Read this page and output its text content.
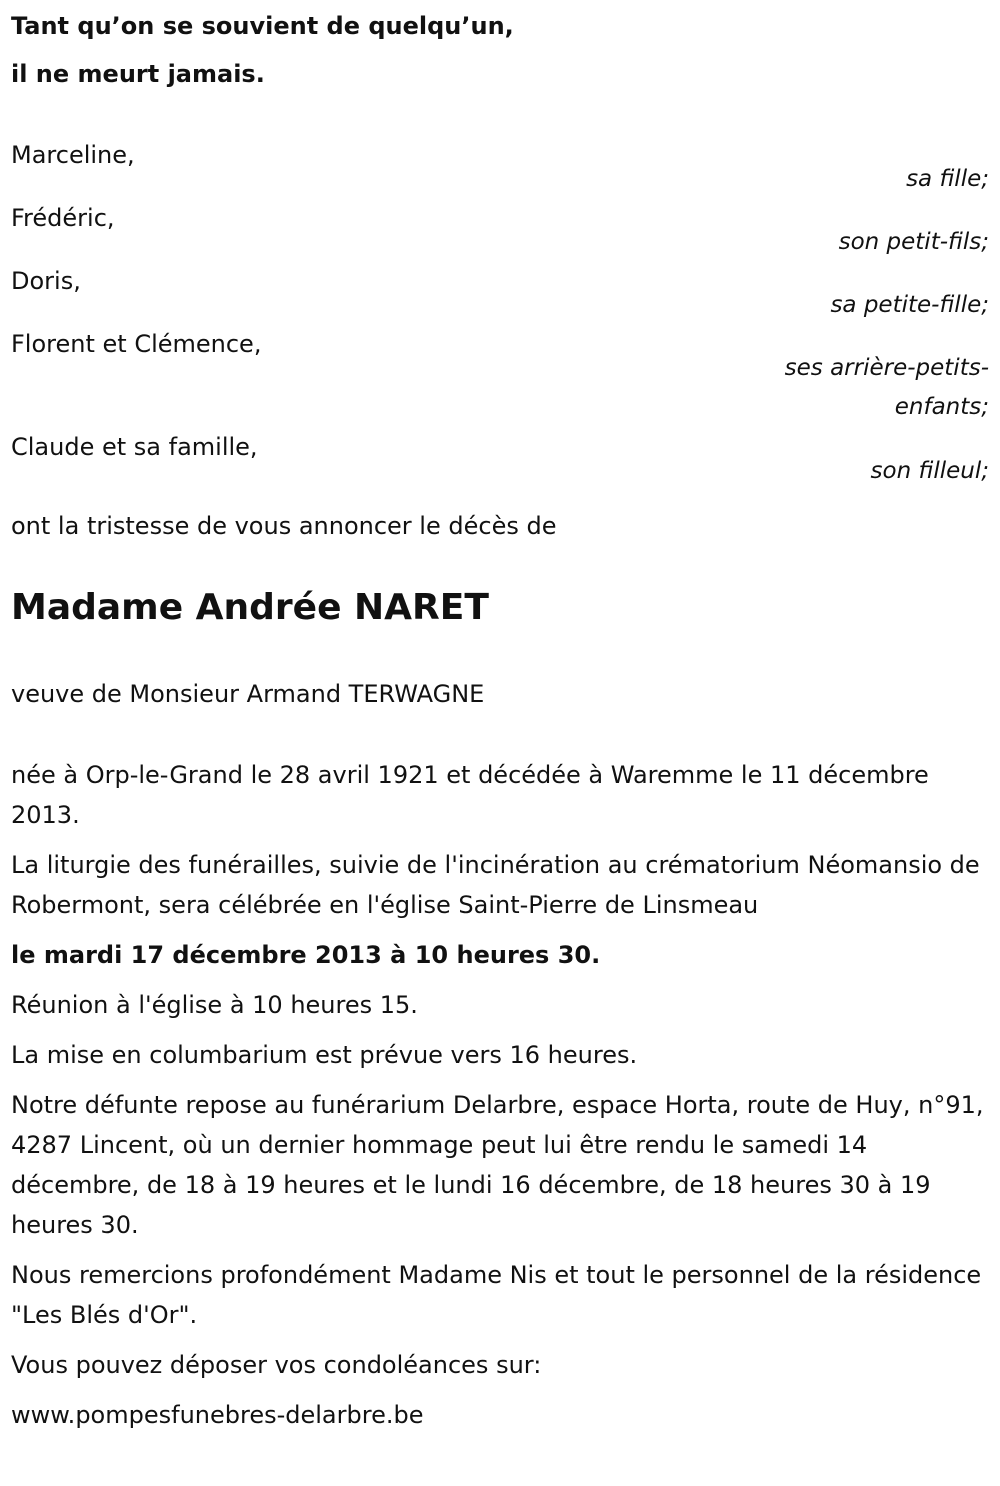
Tant qu’on se souvient de quelqu’un,
il ne meurt jamais.

Marceline,
sa fille;
Frédéric,
son petit-fils;
Doris,
sa petite-fille;
Florent et Clémence,
ses arrière-petits-
enfants;
Claude et sa famille,
son filleul;

ont la tristesse de vous annoncer le décès de

Madame Andrée NARET

veuve de Monsieur Armand TERWAGNE

née à Orp-le-Grand le 28 avril 1921 et décédée à Waremme le 11 décembre 2013.

La liturgie des funérailles, suivie de l'incinération au crématorium Néomansio de Robermont, sera célébrée en l'église Saint-Pierre de Linsmeau

le mardi 17 décembre 2013 à 10 heures 30.

Réunion à l'église à 10 heures 15.

La mise en columbarium est prévue vers 16 heures.

Notre défunte repose au funérarium Delarbre, espace Horta, route de Huy, n°91, 4287 Lincent, où un dernier hommage peut lui être rendu le samedi 14 décembre, de 18 à 19 heures et le lundi 16 décembre, de 18 heures 30 à 19 heures 30.

Nous remercions profondément Madame Nis et tout le personnel de la résidence "Les Blés d'Or".

Vous pouvez déposer vos condoléances sur:

www.pompesfunebres-delarbre.be
